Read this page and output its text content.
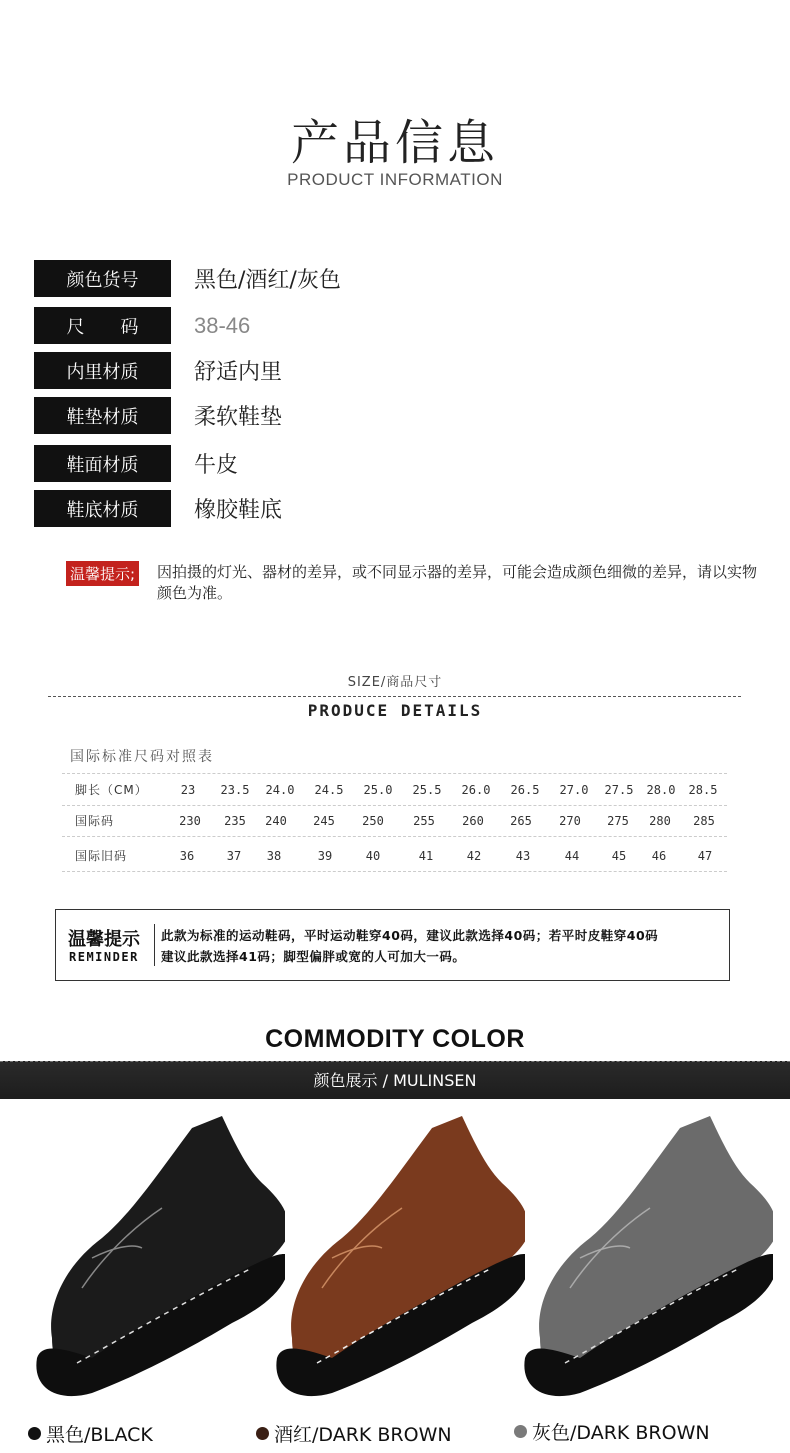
产品信息
PRODUCT INFORMATION
颜色货号	黑色/酒红/灰色
尺　　码	38-46
内里材质	舒适内里
鞋垫材质	柔软鞋垫
鞋面材质	牛皮
鞋底材质	橡胶鞋底
温馨提示; 因拍摄的灯光、器材的差异，或不同显示器的差异，可能会造成颜色细微的差异，请以实物颜色为准。
SIZE/商品尺寸
PRODUCE DETAILS
国际标准尺码对照表
脚长（CM）	23	23.5	24.0	24.5	25.0	25.5	26.0	26.5	27.0	27.5	28.0	28.5
国际码	230	235	240	245	250	255	260	265	270	275	280	285
国际旧码	36	37	38	39	40	41	42	43	44	45	46	47
温馨提示
REMINDER
此款为标准的运动鞋码，平时运动鞋穿40码，建议此款选择40码；若平时皮鞋穿40码
建议此款选择41码；脚型偏胖或宽的人可加大一码。
COMMODITY COLOR
颜色展示 / MULINSEN
黑色/BLACK	酒红/DARK BROWN	灰色/DARK BROWN
